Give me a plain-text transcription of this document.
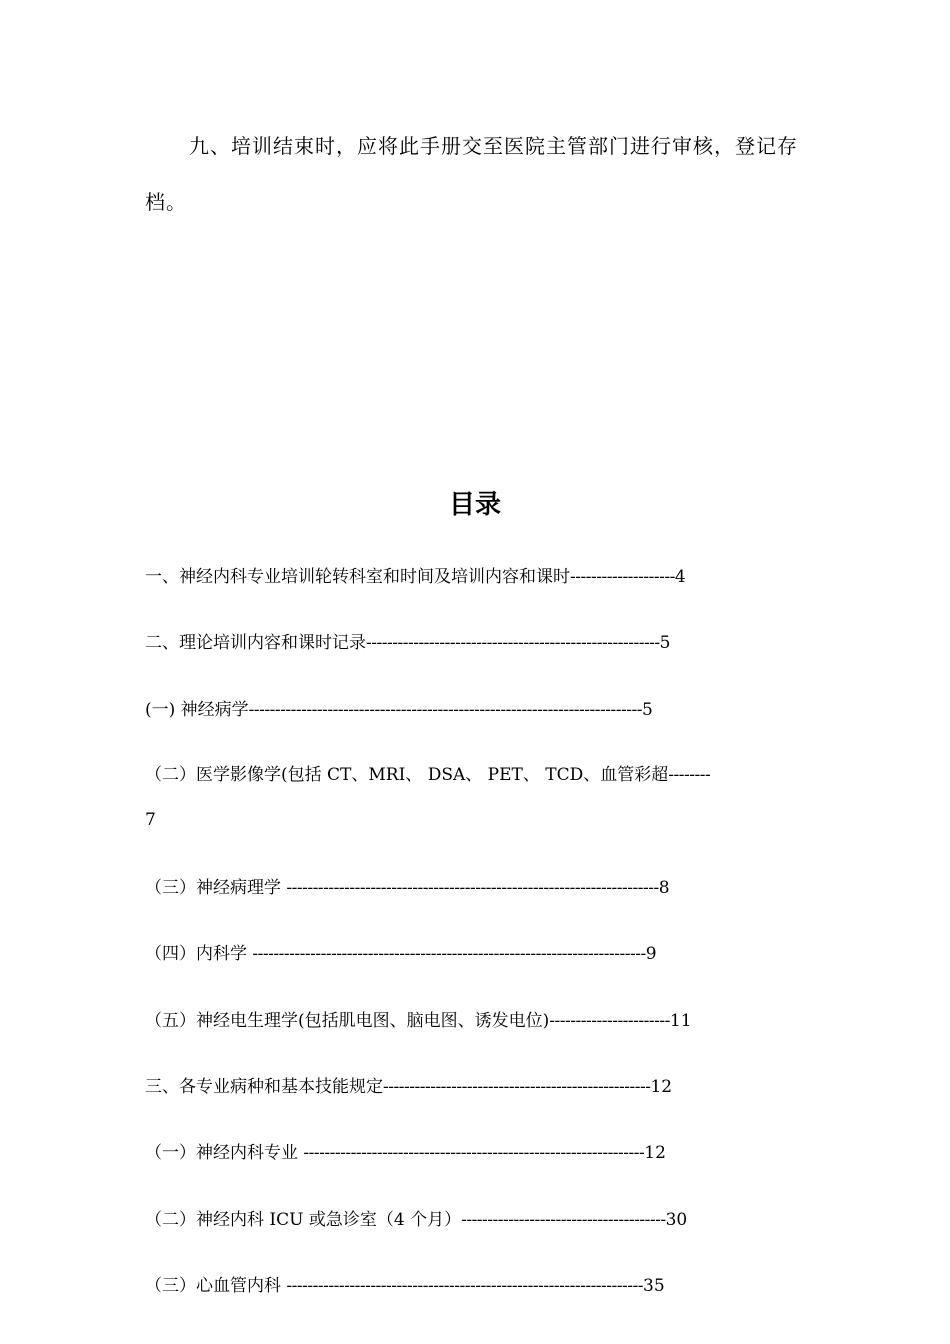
九、培训结束时，应将此手册交至医院主管部门进行审核，登记存档。
目录
一、神经内科专业培训轮转科室和时间及培训内容和课时--------------------4
二、理论培训内容和课时记录--------------------------------------------------------5
(一) 神经病学---------------------------------------------------------------------------5
（二）医学影像学(包括 CT、MRI、 DSA、 PET、 TCD、血管彩超--------
7
（三）神经病理学 -----------------------------------------------------------------------8
（四）内科学 ---------------------------------------------------------------------------9
（五）神经电生理学(包括肌电图、脑电图、诱发电位)-----------------------11
三、各专业病种和基本技能规定---------------------------------------------------12
（一）神经内科专业 -----------------------------------------------------------------12
（二）神经内科 ICU 或急诊室（4 个月）---------------------------------------30
（三）心血管内科 --------------------------------------------------------------------35
